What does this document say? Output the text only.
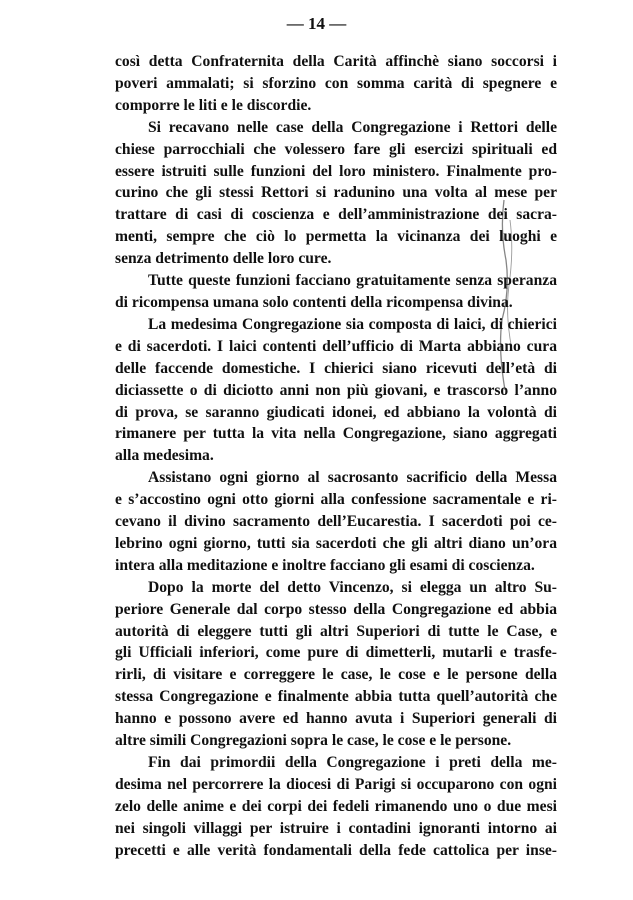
— 14 —

così detta Confraternita della Carità affinchè siano soccorsi i
poveri ammalati; si sforzino con somma carità di spegnere e
comporre le liti e le discordie.

Si recavano nelle case della Congregazione i Rettori delle
chiese parrocchiali che volessero fare gli esercizi spirituali ed
essere istruiti sulle funzioni del loro ministero. Finalmente pro-
curino che gli stessi Rettori si radunino una volta al mese per
trattare di casi di coscienza e dell’amministrazione dei sacra-
menti, sempre che ciò lo permetta la vicinanza dei luoghi e
senza detrimento delle loro cure.

Tutte queste funzioni facciano gratuitamente senza speranza
di ricompensa umana solo contenti della ricompensa divina.

La medesima Congregazione sia composta di laici, di chierici
e di sacerdoti. I laici contenti dell’ufficio di Marta abbiano cura
delle faccende domestiche. I chierici siano ricevuti dell’età di
diciassette o di diciotto anni non più giovani, e trascorso l’anno
di prova, se saranno giudicati idonei, ed abbiano la volontà di
rimanere per tutta la vita nella Congregazione, siano aggregati
alla medesima.

Assistano ogni giorno al sacrosanto sacrificio della Messa
e s’accostino ogni otto giorni alla confessione sacramentale e ri-
cevano il divino sacramento dell’Eucarestia. I sacerdoti poi ce-
lebrino ogni giorno, tutti sia sacerdoti che gli altri diano un’ora
intera alla meditazione e inoltre facciano gli esami di coscienza.

Dopo la morte del detto Vincenzo, si elegga un altro Su-
periore Generale dal corpo stesso della Congregazione ed abbia
autorità di eleggere tutti gli altri Superiori di tutte le Case, e
gli Ufficiali inferiori, come pure di dimetterli, mutarli e trasfe-
rirli, di visitare e correggere le case, le cose e le persone della
stessa Congregazione e finalmente abbia tutta quell’autorità che
hanno e possono avere ed hanno avuta i Superiori generali di
altre simili Congregazioni sopra le case, le cose e le persone.

Fin dai primordii della Congregazione i preti della me-
desima nel percorrere la diocesi di Parigi si occuparono con ogni
zelo delle anime e dei corpi dei fedeli rimanendo uno o due mesi
nei singoli villaggi per istruire i contadini ignoranti intorno ai
precetti e alle verità fondamentali della fede cattolica per inse-
